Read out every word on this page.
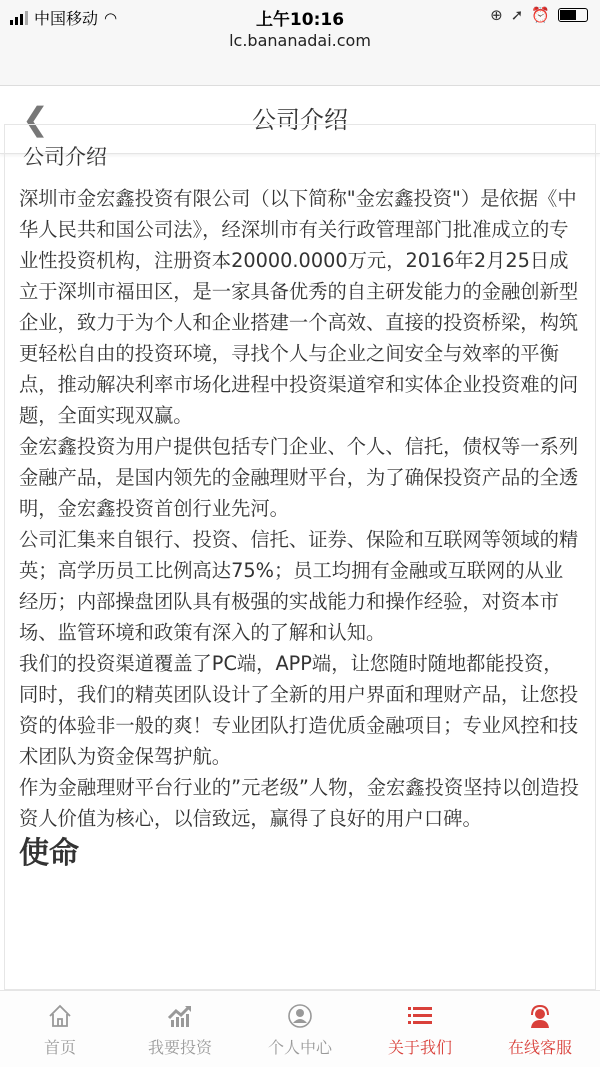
中国移动 ◠	上午10:16
lc.bananadai.com
⊕ ➚ ⏰
❮	公司介绍
公司介绍

深圳市金宏鑫投资有限公司（以下简称"金宏鑫投资"）是依据《中华人民共和国公司法》，经深圳市有关行政管理部门批准成立的专业性投资机构，注册资本20000.0000万元，2016年2月25日成立于深圳市福田区，是一家具备优秀的自主研发能力的金融创新型企业，致力于为个人和企业搭建一个高效、直接的投资桥梁，构筑更轻松自由的投资环境，寻找个人与企业之间安全与效率的平衡点，推动解决利率市场化进程中投资渠道窄和实体企业投资难的问题，全面实现双赢。

金宏鑫投资为用户提供包括专门企业、个人、信托，债权等一系列金融产品，是国内领先的金融理财平台，为了确保投资产品的全透明，金宏鑫投资首创行业先河。

公司汇集来自银行、投资、信托、证券、保险和互联网等领域的精英；高学历员工比例高达75%；员工均拥有金融或互联网的从业经历；内部操盘团队具有极强的实战能力和操作经验，对资本市场、监管环境和政策有深入的了解和认知。

我们的投资渠道覆盖了PC端，APP端，让您随时随地都能投资，同时，我们的精英团队设计了全新的用户界面和理财产品，让您投资的体验非一般的爽！专业团队打造优质金融项目；专业风控和技术团队为资金保驾护航。

作为金融理财平台行业的”元老级”人物，金宏鑫投资坚持以创造投资人价值为核心，以信致远，赢得了良好的用户口碑。

使命
首页	我要投资	个人中心	关于我们	在线客服
